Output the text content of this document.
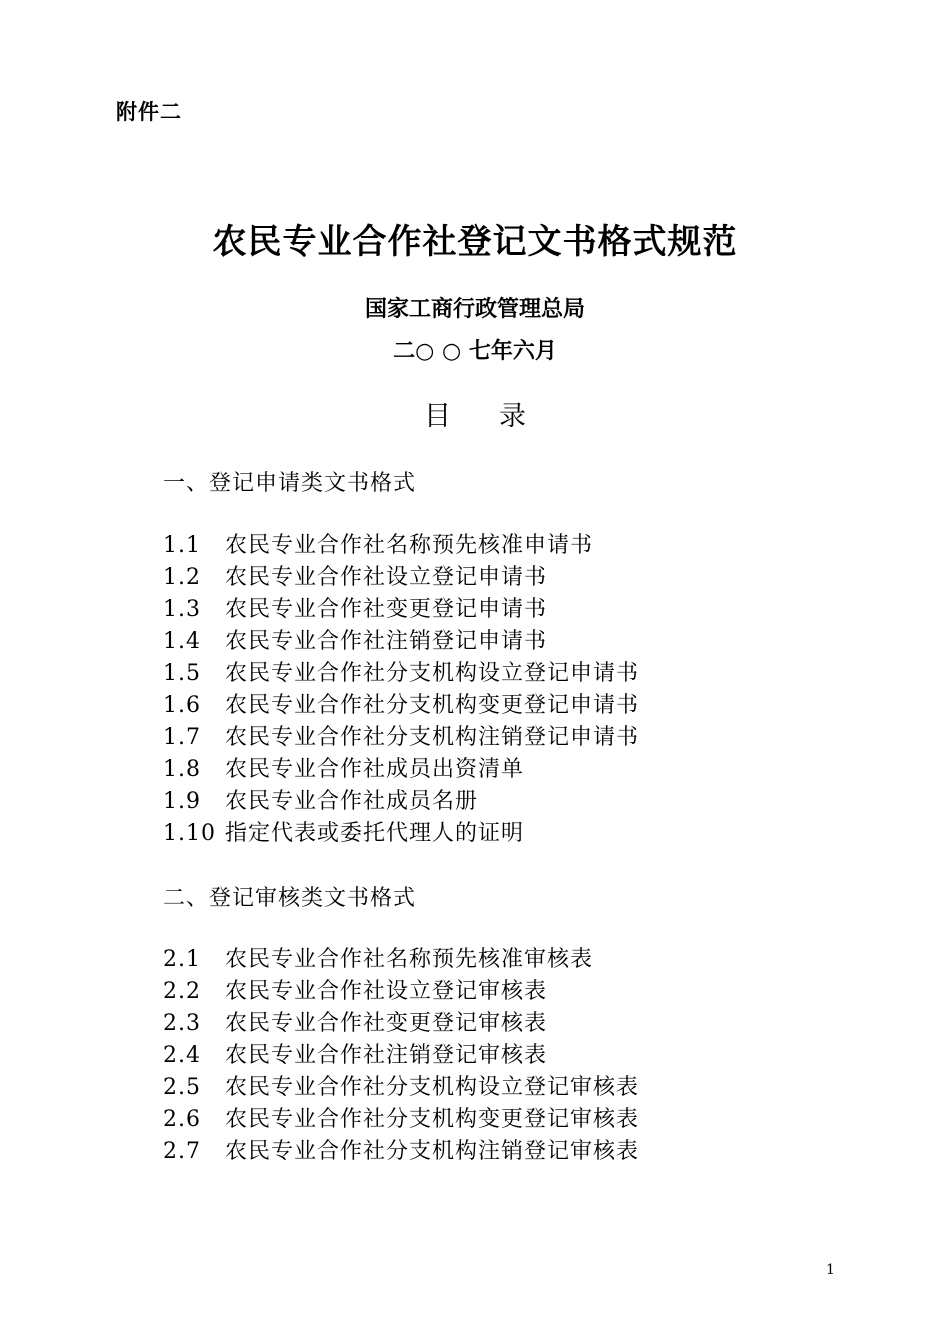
附件二
农民专业合作社登记文书格式规范
国家工商行政管理总局
二○ ○ 七年六月
目 录
一、登记申请类文书格式
1.1	农民专业合作社名称预先核准申请书
1.2	农民专业合作社设立登记申请书
1.3	农民专业合作社变更登记申请书
1.4	农民专业合作社注销登记申请书
1.5	农民专业合作社分支机构设立登记申请书
1.6	农民专业合作社分支机构变更登记申请书
1.7	农民专业合作社分支机构注销登记申请书
1.8	农民专业合作社成员出资清单
1.9	农民专业合作社成员名册
1.10 指定代表或委托代理人的证明
二、登记审核类文书格式
2.1	农民专业合作社名称预先核准审核表
2.2	农民专业合作社设立登记审核表
2.3	农民专业合作社变更登记审核表
2.4	农民专业合作社注销登记审核表
2.5	农民专业合作社分支机构设立登记审核表
2.6	农民专业合作社分支机构变更登记审核表
2.7	农民专业合作社分支机构注销登记审核表
1
